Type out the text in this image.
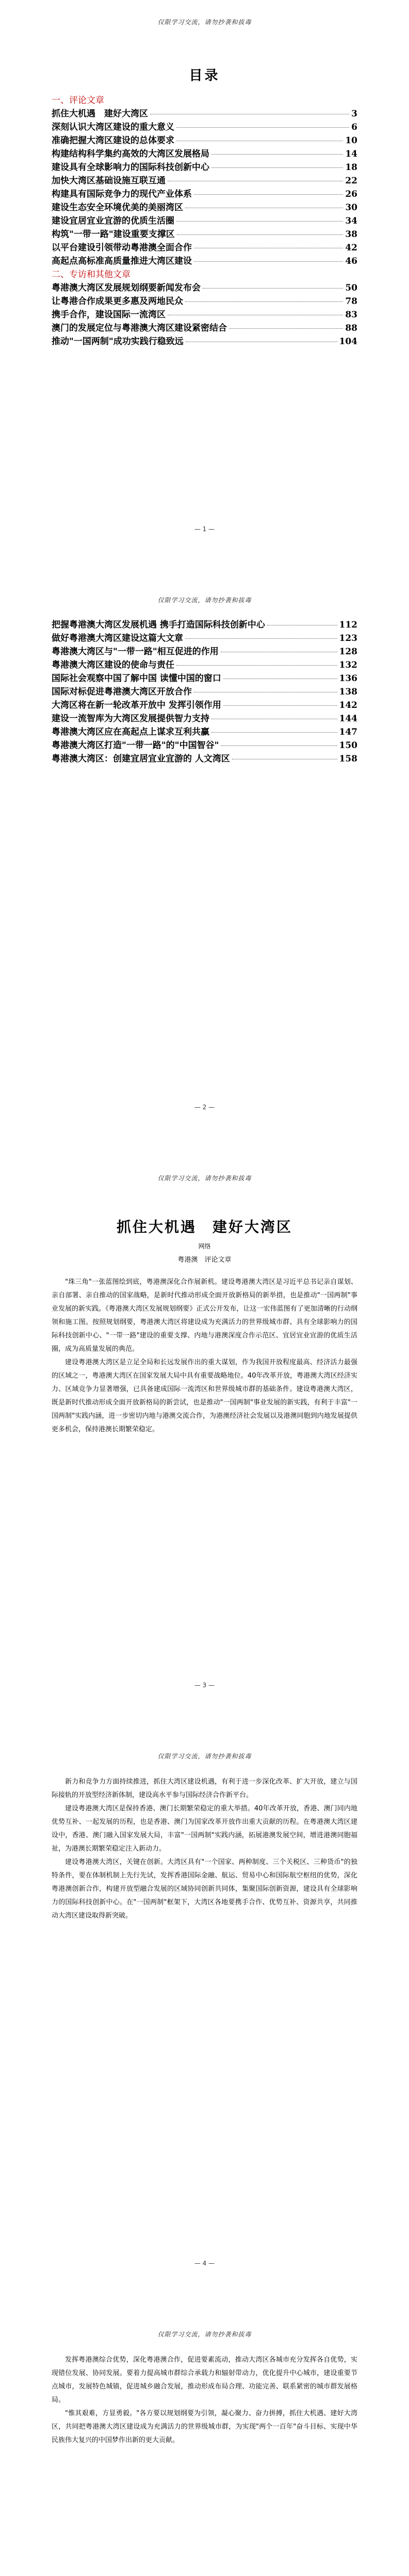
仅限学习交流，请勿抄袭和拔毒
目录
一、评论文章
抓住大机遇　建好大湾区	3
深刻认识大湾区建设的重大意义	6
准确把握大湾区建设的总体要求	10
构建结构科学集约高效的大湾区发展格局	14
建设具有全球影响力的国际科技创新中心	18
加快大湾区基础设施互联互通	22
构建具有国际竞争力的现代产业体系	26
建设生态安全环境优美的美丽湾区	30
建设宜居宜业宜游的优质生活圈	34
构筑"一带一路"建设重要支撑区	38
以平台建设引领带动粤港澳全面合作	42
高起点高标准高质量推进大湾区建设	46
二、专访和其他文章
粤港澳大湾区发展规划纲要新闻发布会	50
让粤港合作成果更多惠及两地民众	78
携手合作，建设国际一流湾区	83
澳门的发展定位与粤港澳大湾区建设紧密结合	88
推动"一国两制"成功实践行稳致远	104
— 1 —
仅限学习交流，请勿抄袭和拔毒
把握粤港澳大湾区发展机遇 携手打造国际科技创新中心	112
做好粤港澳大湾区建设这篇大文章	123
粤港澳大湾区与"一带一路"相互促进的作用	128
粤港澳大湾区建设的使命与责任	132
国际社会观察中国了解中国 读懂中国的窗口	136
国际对标促进粤港澳大湾区开放合作	138
大湾区将在新一轮改革开放中 发挥引领作用	142
建设一流智库为大湾区发展提供智力支持	144
粤港澳大湾区应在高起点上谋求互利共赢	147
粤港澳大湾区打造"一带一路"的"中国智谷"	150
粤港澳大湾区：创建宜居宜业宜游的 人文湾区	158
— 2 —
仅限学习交流，请勿抄袭和拔毒
抓住大机遇　建好大湾区
网络
粤港澳　评论文章

"珠三角"一张蓝图绘到底，粤港澳深化合作展新机。建设粤港澳大湾区是习近平总书记亲自谋划、亲自部署、亲自推动的国家战略，是新时代推动形成全面开放新格局的新举措，也是推动"一国两制"事业发展的新实践。《粤港澳大湾区发展规划纲要》正式公开发布，让这一宏伟蓝图有了更加清晰的行动纲领和施工图。按照规划纲要，粤港澳大湾区将建设成为充满活力的世界级城市群、具有全球影响力的国际科技创新中心、"一带一路"建设的重要支撑、内地与港澳深度合作示范区、宜居宜业宜游的优质生活圈，成为高质量发展的典范。

建设粤港澳大湾区是立足全局和长远发展作出的重大谋划，作为我国开放程度最高、经济活力最强的区域之一，粤港澳大湾区在国家发展大局中具有重要战略地位。40年改革开放，粤港澳大湾区经济实力、区域竞争力显著增强，已具备建成国际一流湾区和世界级城市群的基础条件。建设粤港澳大湾区，既是新时代推动形成全面开放新格局的新尝试，也是推动"一国两制"事业发展的新实践，有利于丰富"一国两制"实践内涵，进一步密切内地与港澳交流合作，为港澳经济社会发展以及港澳同胞到内地发展提供更多机会，保持港澳长期繁荣稳定。

— 3 —
仅限学习交流，请勿抄袭和拔毒

新力和竞争力方面持续推进，抓住大湾区建设机遇，有利于进一步深化改革、扩大开放，建立与国际接轨的开放型经济新体制，建设高水平参与国际经济合作新平台。

建设粤港澳大湾区是保持香港、澳门长期繁荣稳定的重大举措。40年改革开放，香港、澳门同内地优势互补、一起发展的历程，也是香港、澳门为国家改革开放作出重大贡献的历程。在粤港澳大湾区建设中，香港、澳门融入国家发展大局，丰富"一国两制"实践内涵，拓展港澳发展空间，增进港澳同胞福祉，为港澳长期繁荣稳定注入新动力。

建设粤港澳大湾区，关键在创新。大湾区具有"一个国家、两种制度、三个关税区、三种货币"的独特条件，要在体制机制上先行先试，发挥香港国际金融、航运、贸易中心和国际航空枢纽的优势，深化粤港澳创新合作，构建开放型融合发展的区域协同创新共同体，集聚国际创新资源，建设具有全球影响力的国际科技创新中心。在"一国两制"框架下，大湾区各地要携手合作、优势互补、资源共享，共同推动大湾区建设取得新突破。

— 4 —
仅限学习交流，请勿抄袭和拔毒

发挥粤港澳综合优势，深化粤港澳合作，促进要素流动，推动大湾区各城市充分发挥各自优势，实现错位发展、协同发展。要着力提高城市群综合承载力和辐射带动力，优化提升中心城市，建设重要节点城市，发展特色城镇，促进城乡融合发展，推动形成布局合理、功能完善、联系紧密的城市群发展格局。

"惟其艰难，方显勇毅。"各方要以规划纲要为引领，凝心聚力、奋力拼搏，抓住大机遇、建好大湾区，共同把粤港澳大湾区建设成为充满活力的世界级城市群，为实现"两个一百年"奋斗目标、实现中华民族伟大复兴的中国梦作出新的更大贡献。
